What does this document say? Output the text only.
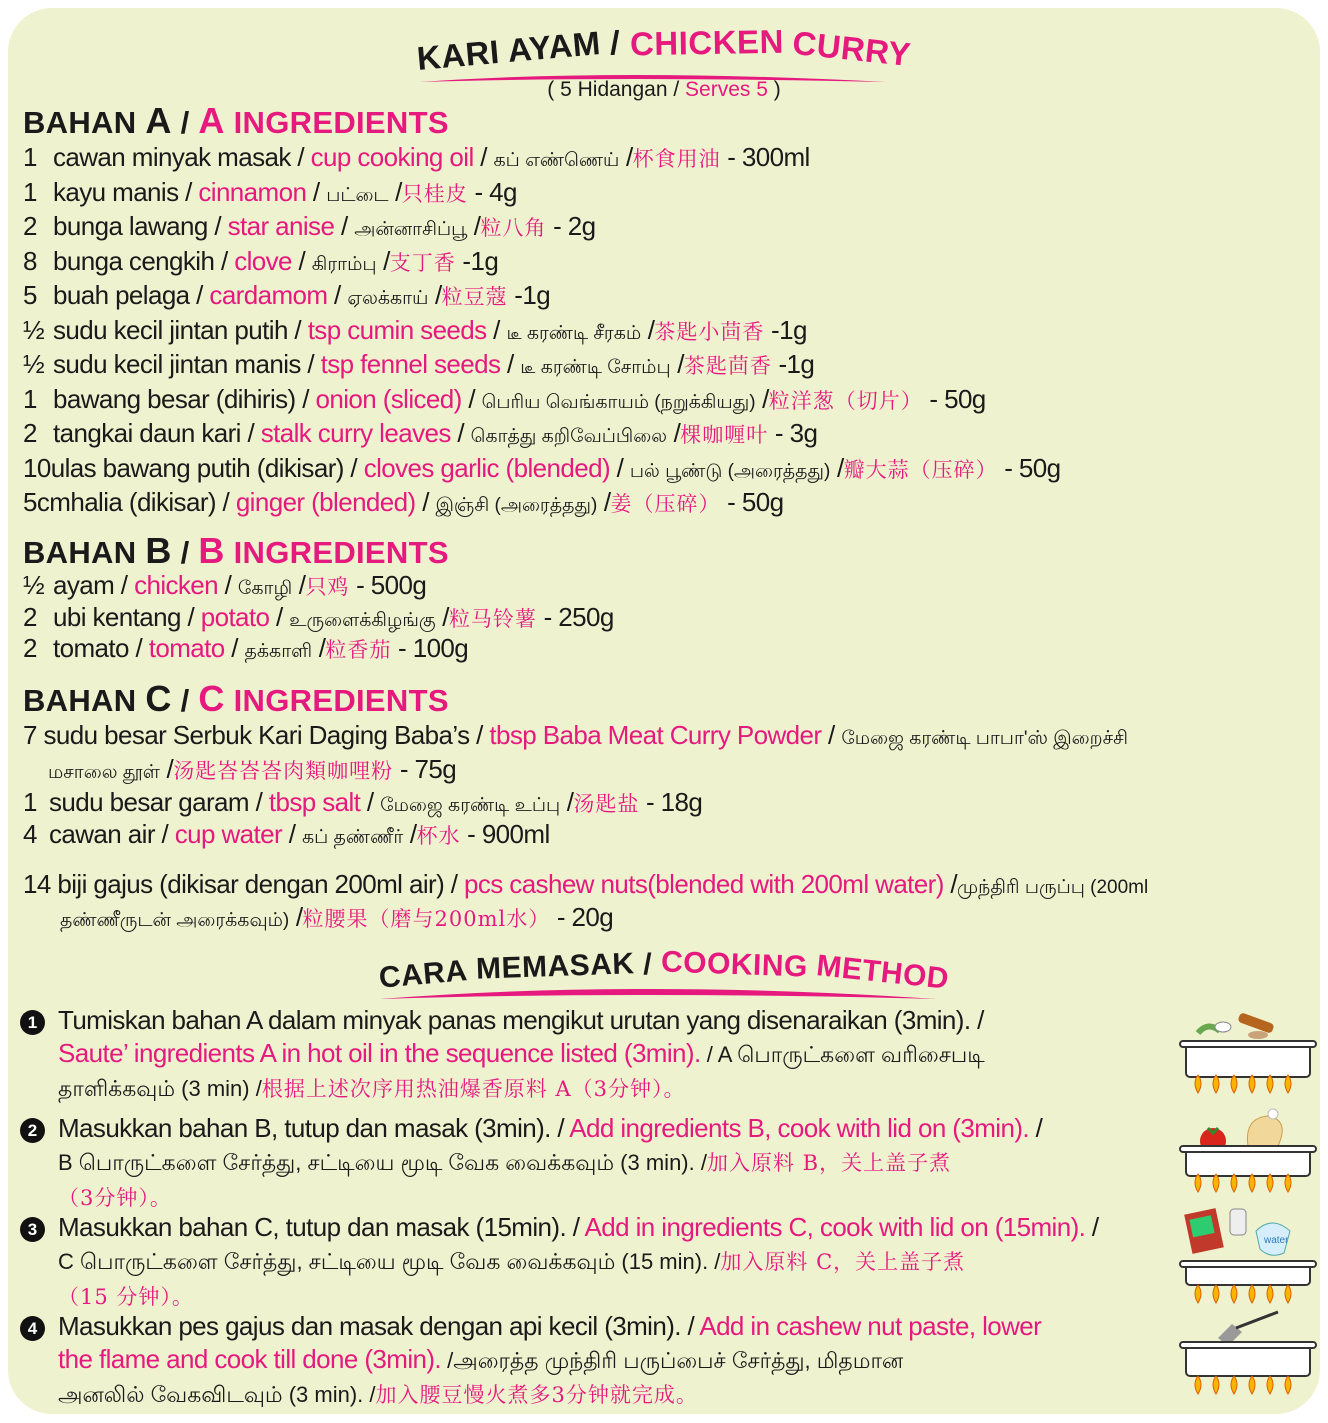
KARI AYAM / CHICKEN CURRY
( 5 Hidangan / Serves 5 )
BAHAN A / A INGREDIENTS
1 cawan minyak masak / cup cooking oil / கப் எண்ணெய் /杯食用油 - 300ml
1 kayu manis / cinnamon / பட்டை /只桂皮 - 4g
2 bunga lawang / star anise / அன்னாசிப்பூ /粒八角 - 2g
8 bunga cengkih / clove / கிராம்பு /支丁香 -1g
5 buah pelaga / cardamom / ஏலக்காய் /粒豆蔻 -1g
½ sudu kecil jintan putih / tsp cumin seeds / டீ கரண்டி சீரகம் /茶匙小茴香 -1g
½ sudu kecil jintan manis / tsp fennel seeds / டீ கரண்டி சோம்பு /茶匙茴香 -1g
1 bawang besar (dihiris) / onion (sliced) / பெரிய வெங்காயம் (நறுக்கியது) /粒洋葱（切片） - 50g
2 tangkai daun kari / stalk curry leaves / கொத்து கறிவேப்பிலை /棵咖喱叶 - 3g
10ulas bawang putih (dikisar) / cloves garlic (blended) / பல் பூண்டு (அரைத்தது) /瓣大蒜（压碎） - 50g
5cmhalia (dikisar) / ginger (blended) / இஞ்சி (அரைத்தது) /姜（压碎） - 50g
BAHAN B / B INGREDIENTS
½ ayam / chicken / கோழி /只鸡 - 500g
2 ubi kentang / potato / உருளைக்கிழங்கு /粒马铃薯 - 250g
2 tomato / tomato / தக்காளி /粒香茄 - 100g
BAHAN C / C INGREDIENTS
7 sudu besar Serbuk Kari Daging Baba’s / tbsp Baba Meat Curry Powder / மேஜை கரண்டி பாபா'ஸ் இறைச்சி
மசாலை தூள் /汤匙峇峇峇肉類咖哩粉 - 75g
1 sudu besar garam / tbsp salt / மேஜை கரண்டி உப்பு /汤匙盐 - 18g
4 cawan air / cup water / கப் தண்ணீர் /杯水 - 900ml
14 biji gajus (dikisar dengan 200ml air) / pcs cashew nuts(blended with 200ml water) /முந்திரி பருப்பு (200ml
தண்ணீருடன் அரைக்கவும்) /粒腰果（磨与200ml水） - 20g
CARA MEMASAK / COOKING METHOD
1 Tumiskan bahan A dalam minyak panas mengikut urutan yang disenaraikan (3min). /
Saute’ ingredients A in hot oil in the sequence listed (3min). / A பொருட்களை வரிசைபடி
தாளிக்கவும் (3 min) /根据上述次序用热油爆香原料 A（3分钟）。
2 Masukkan bahan B, tutup dan masak (3min). / Add ingredients B, cook with lid on (3min). /
B பொருட்களை சேர்த்து, சட்டியை மூடி வேக வைக்கவும் (3 min). /加入原料 B，关上盖子煮
（3分钟）。
3 Masukkan bahan C, tutup dan masak (15min). / Add in ingredients C, cook with lid on (15min). /
C பொருட்களை சேர்த்து, சட்டியை மூடி வேக வைக்கவும் (15 min). /加入原料 C，关上盖子煮
（15 分钟）。
4 Masukkan pes gajus dan masak dengan api kecil (3min). / Add in cashew nut paste, lower
the flame and cook till done (3min). /அரைத்த முந்திரி பருப்பைச் சேர்த்து, மிதமான
அனலில் வேகவிடவும் (3 min). /加入腰豆慢火煮多3分钟就完成。
water
